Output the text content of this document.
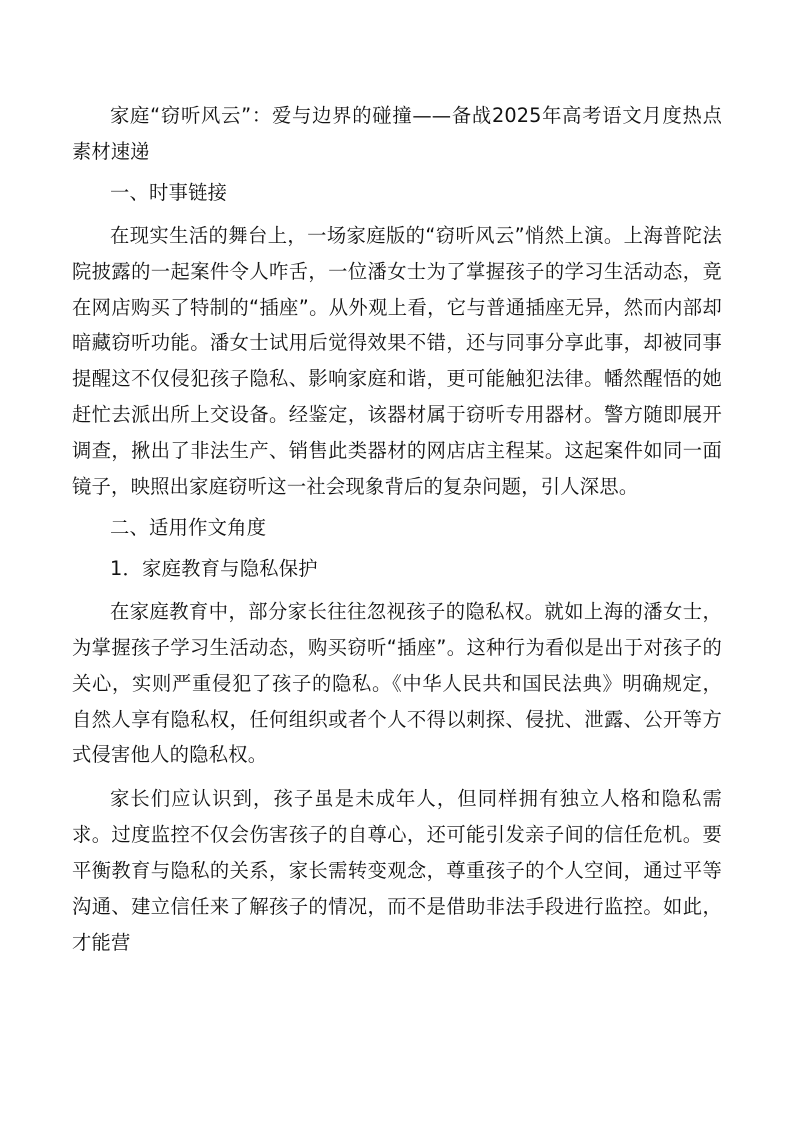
家庭“窃听风云”：爱与边界的碰撞——备战2025年高考语文月度热点素材速递

一、时事链接

在现实生活的舞台上，一场家庭版的“窃听风云”悄然上演。上海普陀法院披露的一起案件令人咋舌，一位潘女士为了掌握孩子的学习生活动态，竟在网店购买了特制的“插座”。从外观上看，它与普通插座无异，然而内部却暗藏窃听功能。潘女士试用后觉得效果不错，还与同事分享此事，却被同事提醒这不仅侵犯孩子隐私、影响家庭和谐，更可能触犯法律。幡然醒悟的她赶忙去派出所上交设备。经鉴定，该器材属于窃听专用器材。警方随即展开调查，揪出了非法生产、销售此类器材的网店店主程某。这起案件如同一面镜子，映照出家庭窃听这一社会现象背后的复杂问题，引人深思。

二、适用作文角度

1．家庭教育与隐私保护

在家庭教育中，部分家长往往忽视孩子的隐私权。就如上海的潘女士，为掌握孩子学习生活动态，购买窃听“插座”。这种行为看似是出于对孩子的关心，实则严重侵犯了孩子的隐私。《中华人民共和国民法典》明确规定，自然人享有隐私权，任何组织或者个人不得以刺探、侵扰、泄露、公开等方式侵害他人的隐私权。

家长们应认识到，孩子虽是未成年人，但同样拥有独立人格和隐私需求。过度监控不仅会伤害孩子的自尊心，还可能引发亲子间的信任危机。要平衡教育与隐私的关系，家长需转变观念，尊重孩子的个人空间，通过平等沟通、建立信任来了解孩子的情况，而不是借助非法手段进行监控。如此，才能营
